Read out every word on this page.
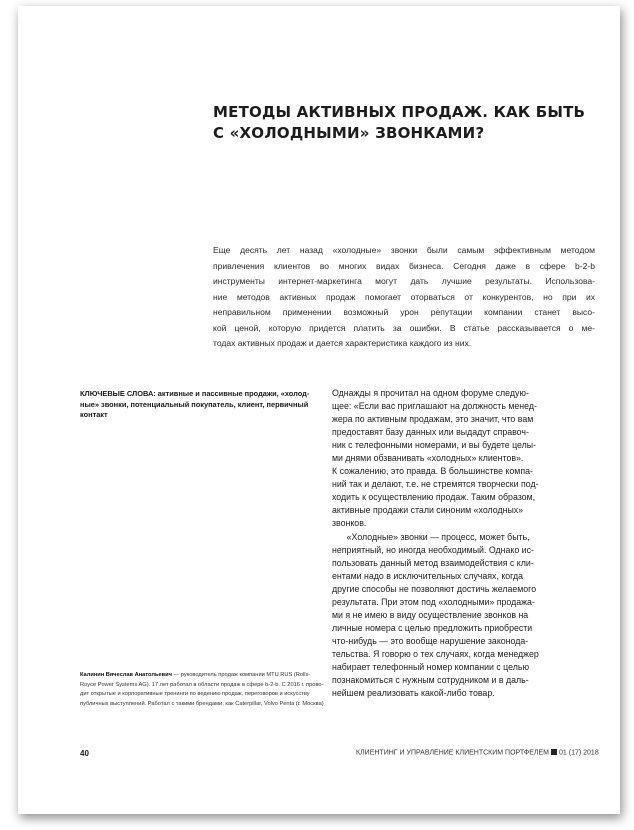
МЕТОДЫ АКТИВНЫХ ПРОДАЖ. КАК БЫТЬ
С «ХОЛОДНЫМИ» ЗВОНКАМИ?
Еще десять лет назад «холодные» звонки были самым эффективным методом
привлечения клиентов во многих видах бизнеса. Сегодня даже в сфере b-2-b
инструменты интернет-маркетинга могут дать лучшие результаты. Использова-
ние методов активных продаж помогает оторваться от конкурентов, но при их
неправильном применении возможный урон репутации компании станет высо-
кой ценой, которую придется платить за ошибки. В статье рассказывается о ме-
тодах активных продаж и дается характеристика каждого из них.
КЛЮЧЕВЫЕ СЛОВА: активные и пассивные продажи, «холод-
ные» звонки, потенциальный покупатель, клиент, первичный
контакт
Однажды я прочитал на одном форуме следую-
щее: «Если вас приглашают на должность менед-
жера по активным продажам, это значит, что вам
предоставят базу данных или выдадут справоч-
ник с телефонными номерами, и вы будете целы-
ми днями обзванивать «холодных» клиентов».
К сожалению, это правда. В большинстве компа-
ний так и делают, т.е. не стремятся творчески под-
ходить к осуществлению продаж. Таким образом,
активные продажи стали синоним «холодных»
звонков.
«Холодные» звонки — процесс, может быть,
неприятный, но иногда необходимый. Однако ис-
пользовать данный метод взаимодействия с кли-
ентами надо в исключительных случаях, когда
другие способы не позволяют достичь желаемого
результата. При этом под «холодными» продажа-
ми я не имею в виду осуществление звонков на
личные номера с целью предложить приобрести
что-нибудь — это вообще нарушение законода-
тельства. Я говорю о тех случаях, когда менеджер
набирает телефонный номер компании с целью
познакомиться с нужным сотрудником и в даль-
нейшем реализовать какой-либо товар.
Калинин Вячеслав Анатольевич — руководитель продаж компании MTU RUS (Rolls-
Royce Power Systems AG). 17 лет работал в области продаж в сфере b-2-b. С 2016 г. прово-
дит открытые и корпоративные тренинги по ведению продаж, переговоров и искусству
публичных выступлений. Работал с такими брендами, как Caterpillar, Volvo Penta (г. Москва)
40	КЛИЕНТИНГ И УПРАВЛЕНИЕ КЛИЕНТСКИМ ПОРТФЕЛЕМ 01 (17) 2018
